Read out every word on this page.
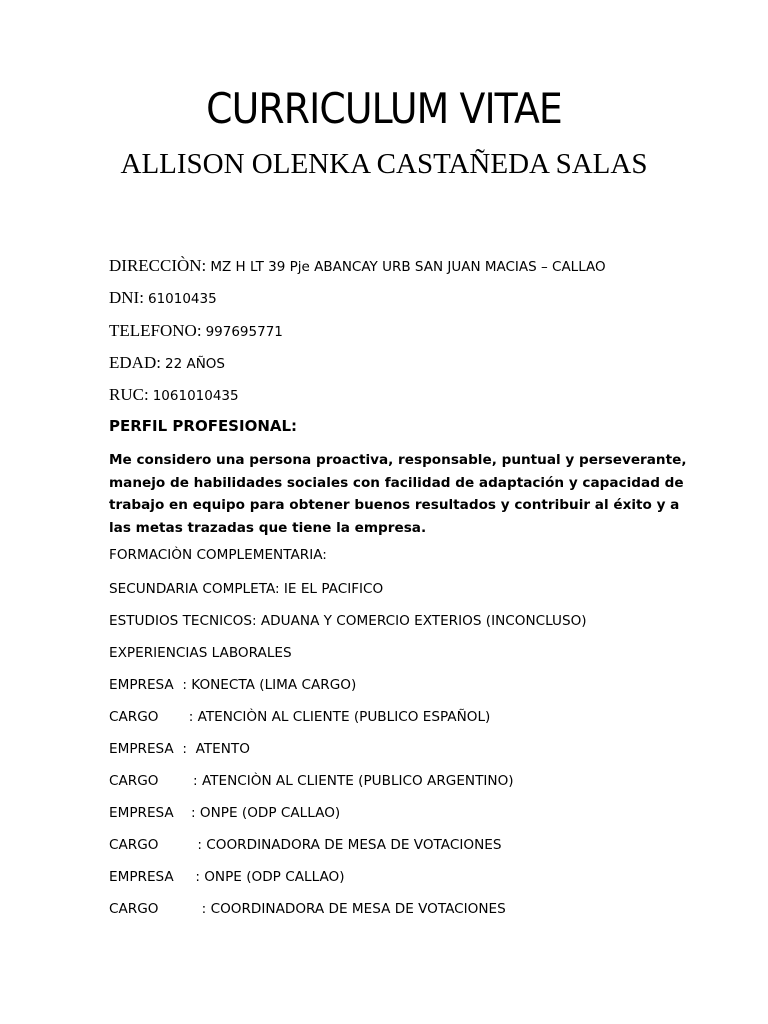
CURRICULUM VITAE
ALLISON OLENKA CASTAÑEDA SALAS
DIRECCIÒN: MZ H LT 39 Pje ABANCAY URB SAN JUAN MACIAS – CALLAO
DNI: 61010435
TELEFONO: 997695771
EDAD: 22 AÑOS
RUC: 1061010435
PERFIL PROFESIONAL:
Me considero una persona proactiva, responsable, puntual y perseverante,
manejo de habilidades sociales con facilidad de adaptación y capacidad de
trabajo en equipo para obtener buenos resultados y contribuir al éxito y a
las metas trazadas que tiene la empresa.
FORMACIÒN COMPLEMENTARIA:
SECUNDARIA COMPLETA: IE EL PACIFICO
ESTUDIOS TECNICOS: ADUANA Y COMERCIO EXTERIOS (INCONCLUSO)
EXPERIENCIAS LABORALES
EMPRESA  : KONECTA (LIMA CARGO)
CARGO       : ATENCIÒN AL CLIENTE (PUBLICO ESPAÑOL)
EMPRESA  :  ATENTO
CARGO        : ATENCIÒN AL CLIENTE (PUBLICO ARGENTINO)
EMPRESA    : ONPE (ODP CALLAO)
CARGO         : COORDINADORA DE MESA DE VOTACIONES
EMPRESA     : ONPE (ODP CALLAO)
CARGO          : COORDINADORA DE MESA DE VOTACIONES
